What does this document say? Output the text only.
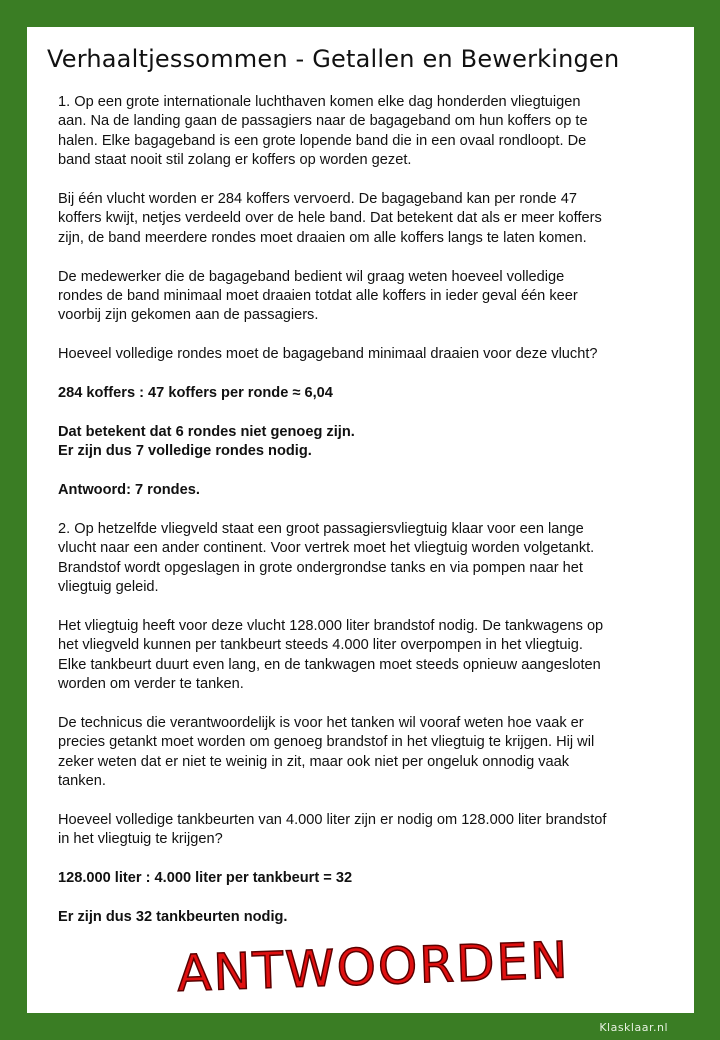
Verhaaltjessommen - Getallen en Bewerkingen
1. Op een grote internationale luchthaven komen elke dag honderden vliegtuigen
aan. Na de landing gaan de passagiers naar de bagageband om hun koffers op te
halen. Elke bagageband is een grote lopende band die in een ovaal rondloopt. De
band staat nooit stil zolang er koffers op worden gezet.
Bij één vlucht worden er 284 koffers vervoerd. De bagageband kan per ronde 47
koffers kwijt, netjes verdeeld over de hele band. Dat betekent dat als er meer koffers
zijn, de band meerdere rondes moet draaien om alle koffers langs te laten komen.
De medewerker die de bagageband bedient wil graag weten hoeveel volledige
rondes de band minimaal moet draaien totdat alle koffers in ieder geval één keer
voorbij zijn gekomen aan de passagiers.
Hoeveel volledige rondes moet de bagageband minimaal draaien voor deze vlucht?
284 koffers : 47 koffers per ronde ≈ 6,04
Dat betekent dat 6 rondes niet genoeg zijn.
Er zijn dus 7 volledige rondes nodig.
Antwoord: 7 rondes.
2. Op hetzelfde vliegveld staat een groot passagiersvliegtuig klaar voor een lange
vlucht naar een ander continent. Voor vertrek moet het vliegtuig worden volgetankt.
Brandstof wordt opgeslagen in grote ondergrondse tanks en via pompen naar het
vliegtuig geleid.
Het vliegtuig heeft voor deze vlucht 128.000 liter brandstof nodig. De tankwagens op
het vliegveld kunnen per tankbeurt steeds 4.000 liter overpompen in het vliegtuig.
Elke tankbeurt duurt even lang, en de tankwagen moet steeds opnieuw aangesloten
worden om verder te tanken.
De technicus die verantwoordelijk is voor het tanken wil vooraf weten hoe vaak er
precies getankt moet worden om genoeg brandstof in het vliegtuig te krijgen. Hij wil
zeker weten dat er niet te weinig in zit, maar ook niet per ongeluk onnodig vaak
tanken.
Hoeveel volledige tankbeurten van 4.000 liter zijn er nodig om 128.000 liter brandstof
in het vliegtuig te krijgen?
128.000 liter : 4.000 liter per tankbeurt = 32
Er zijn dus 32 tankbeurten nodig.
ANTWOORDEN
Klasklaar.nl
